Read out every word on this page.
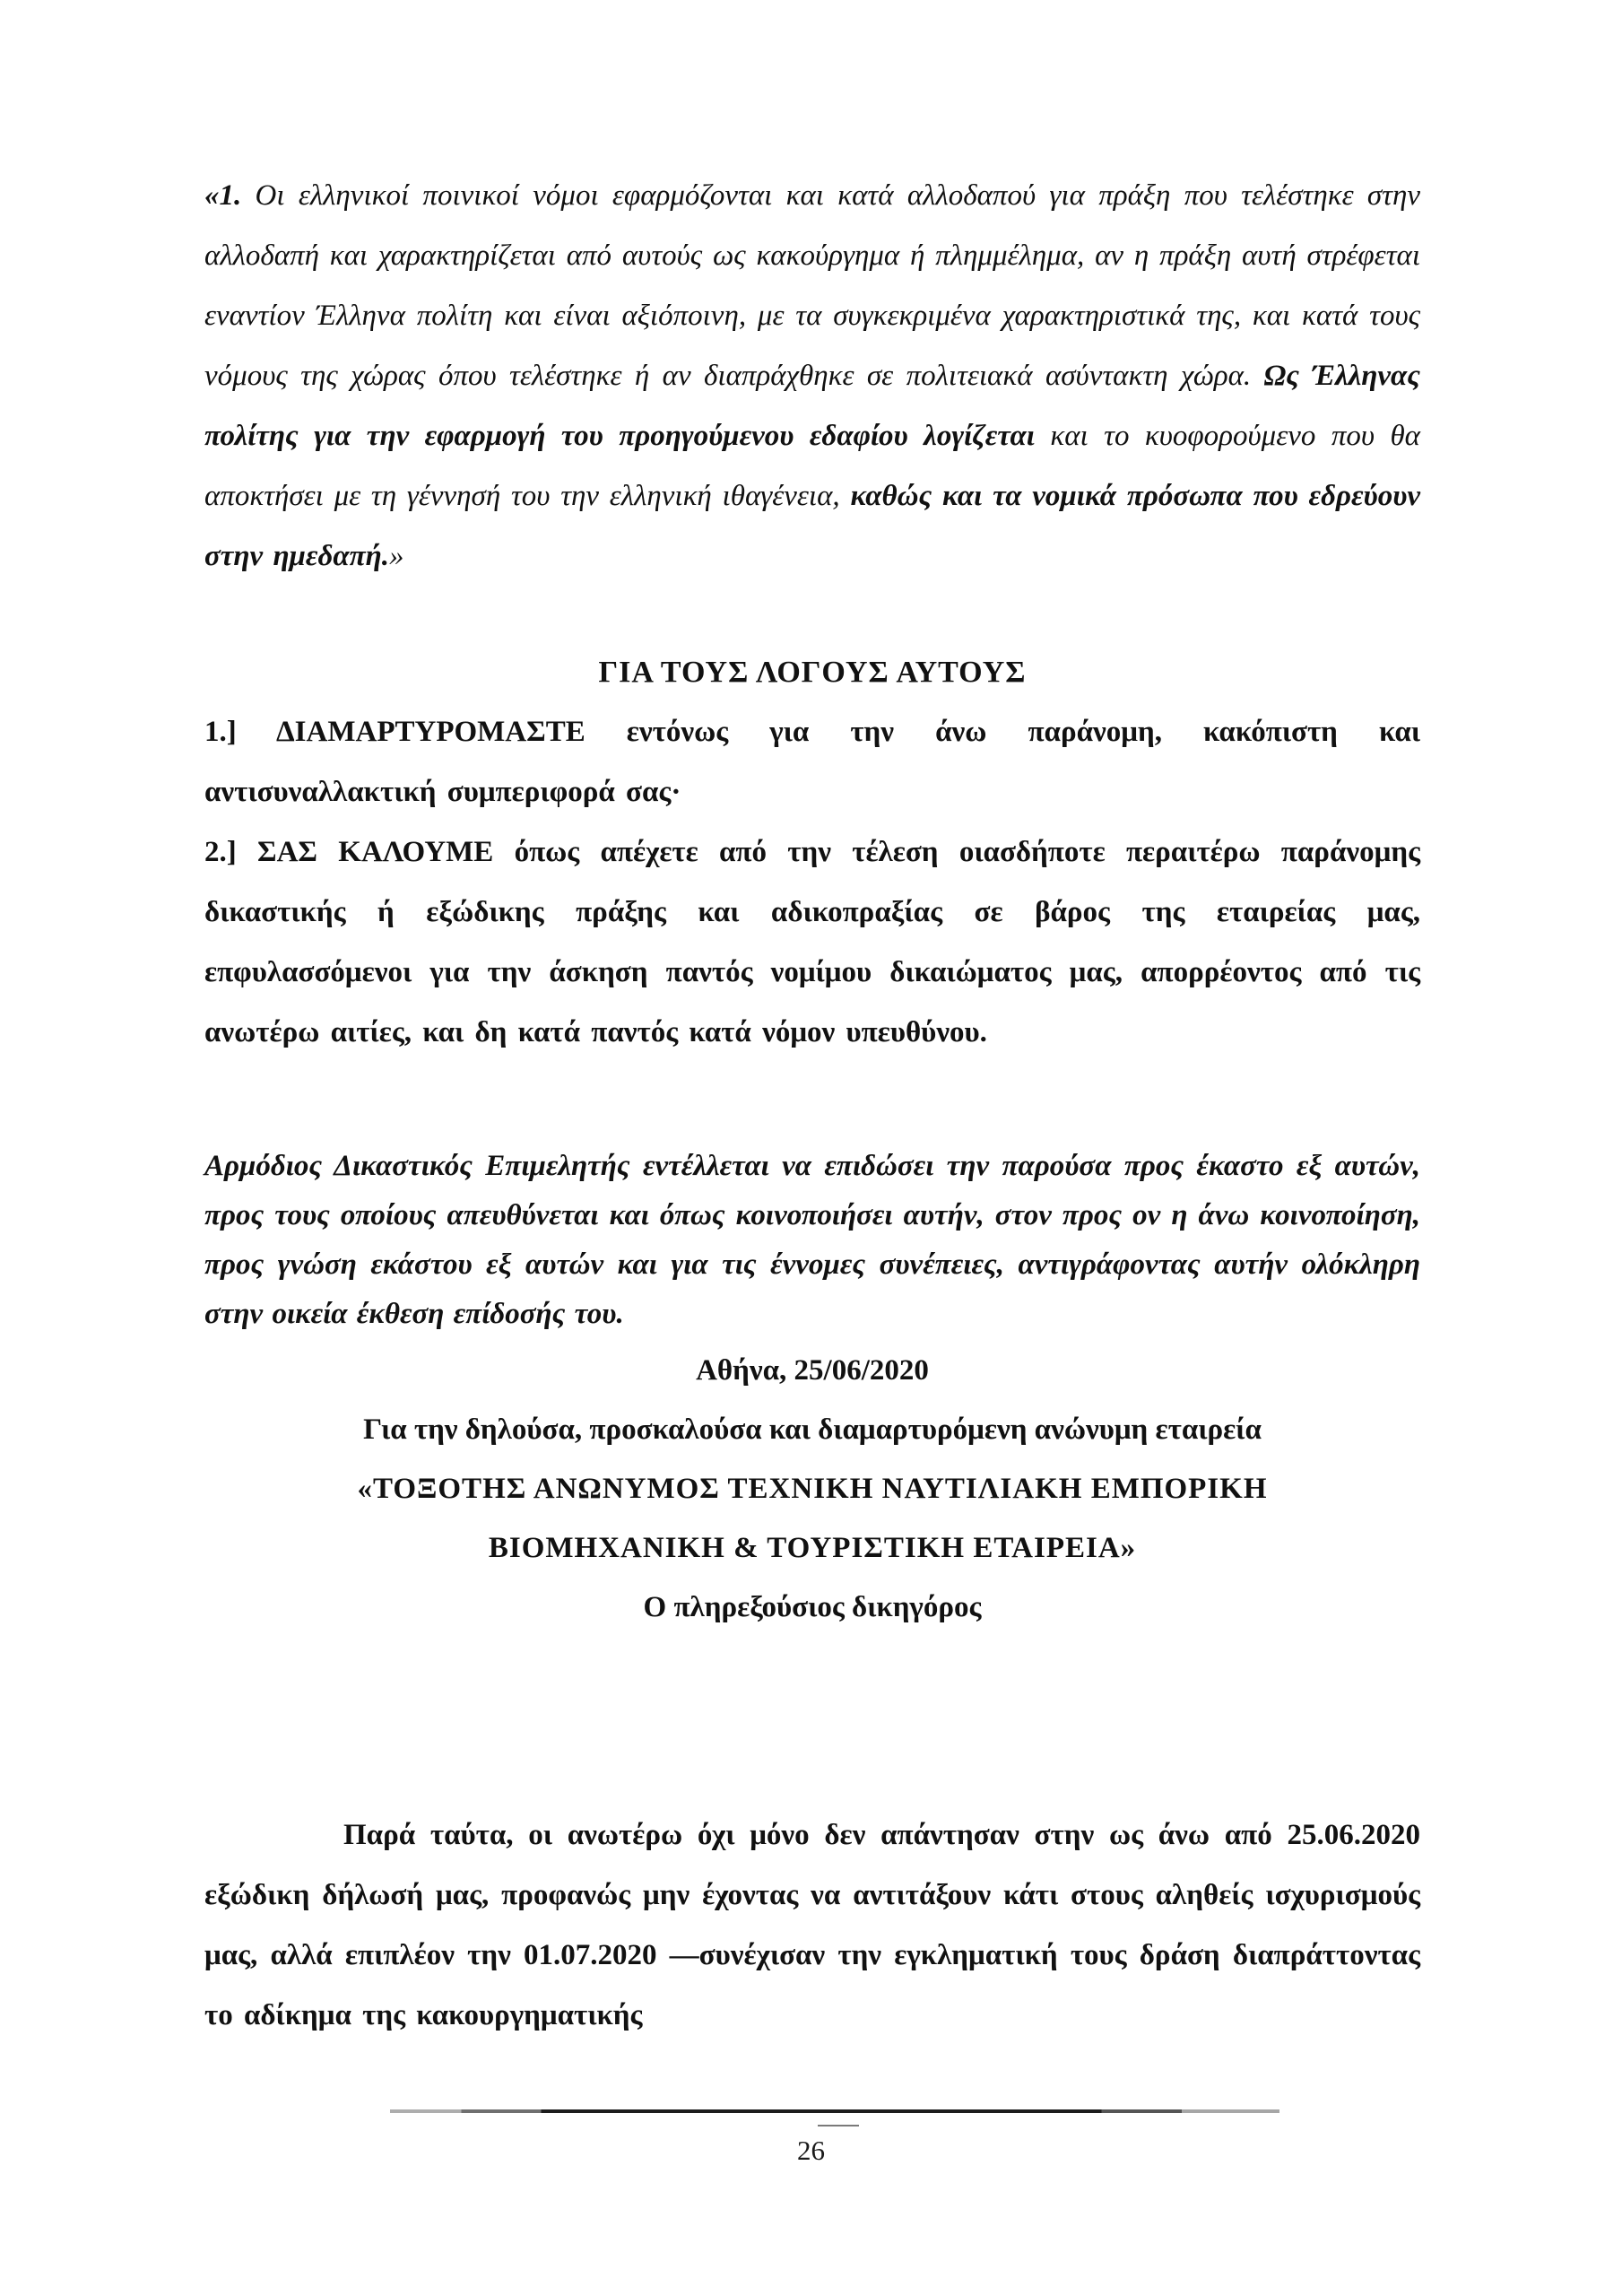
«1. Οι ελληνικοί ποινικοί νόμοι εφαρμόζονται και κατά αλλοδαπού για πράξη που τελέστηκε στην αλλοδαπή και χαρακτηρίζεται από αυτούς ως κακούργημα ή πλημμέλημα, αν η πράξη αυτή στρέφεται εναντίον Έλληνα πολίτη και είναι αξιόποινη, με τα συγκεκριμένα χαρακτηριστικά της, και κατά τους νόμους της χώρας όπου τελέστηκε ή αν διαπράχθηκε σε πολιτειακά ασύντακτη χώρα. Ως Έλληνας πολίτης για την εφαρμογή του προηγούμενου εδαφίου λογίζεται και το κυοφορούμενο που θα αποκτήσει με τη γέννησή του την ελληνική ιθαγένεια, καθώς και τα νομικά πρόσωπα που εδρεύουν στην ημεδαπή.»

ΓΙΑ ΤΟΥΣ ΛΟΓΟΥΣ ΑΥΤΟΥΣ

1.] ΔΙΑΜΑΡΤΥΡΟΜΑΣΤΕ εντόνως για την άνω παράνομη, κακόπιστη και αντισυναλλακτική συμπεριφορά σας·

2.] ΣΑΣ ΚΑΛΟΥΜΕ όπως απέχετε από την τέλεση οιασδήποτε περαιτέρω παράνομης δικαστικής ή εξώδικης πράξης και αδικοπραξίας σε βάρος της εταιρείας μας, επφυλασσόμενοι για την άσκηση παντός νομίμου δικαιώματος μας, απορρέοντος από τις ανωτέρω αιτίες, και δη κατά παντός κατά νόμον υπευθύνου.

Αρμόδιος Δικαστικός Επιμελητής εντέλλεται να επιδώσει την παρούσα προς έκαστο εξ αυτών, προς τους οποίους απευθύνεται και όπως κοινοποιήσει αυτήν, στον προς ον η άνω κοινοποίηση, προς γνώση εκάστου εξ αυτών και για τις έννομες συνέπειες, αντιγράφοντας αυτήν ολόκληρη στην οικεία έκθεση επίδοσής του.

Αθήνα, 25/06/2020

Για την δηλούσα, προσκαλούσα και διαμαρτυρόμενη ανώνυμη εταιρεία

«ΤΟΞΟΤΗΣ ΑΝΩΝΥΜΟΣ ΤΕΧΝΙΚΗ ΝΑΥΤΙΛΙΑΚΗ ΕΜΠΟΡΙΚΗ

ΒΙΟΜΗΧΑΝΙΚΗ & ΤΟΥΡΙΣΤΙΚΗ ΕΤΑΙΡΕΙΑ»

Ο πληρεξούσιος δικηγόρος

Παρά ταύτα, οι ανωτέρω όχι μόνο δεν απάντησαν στην ως άνω από 25.06.2020 εξώδικη δήλωσή μας, προφανώς μην έχοντας να αντιτάξουν κάτι στους αληθείς ισχυρισμούς μας, αλλά επιπλέον την 01.07.2020 —συνέχισαν την εγκληματική τους δράση διαπράττοντας το αδίκημα της κακουργηματικής

26
